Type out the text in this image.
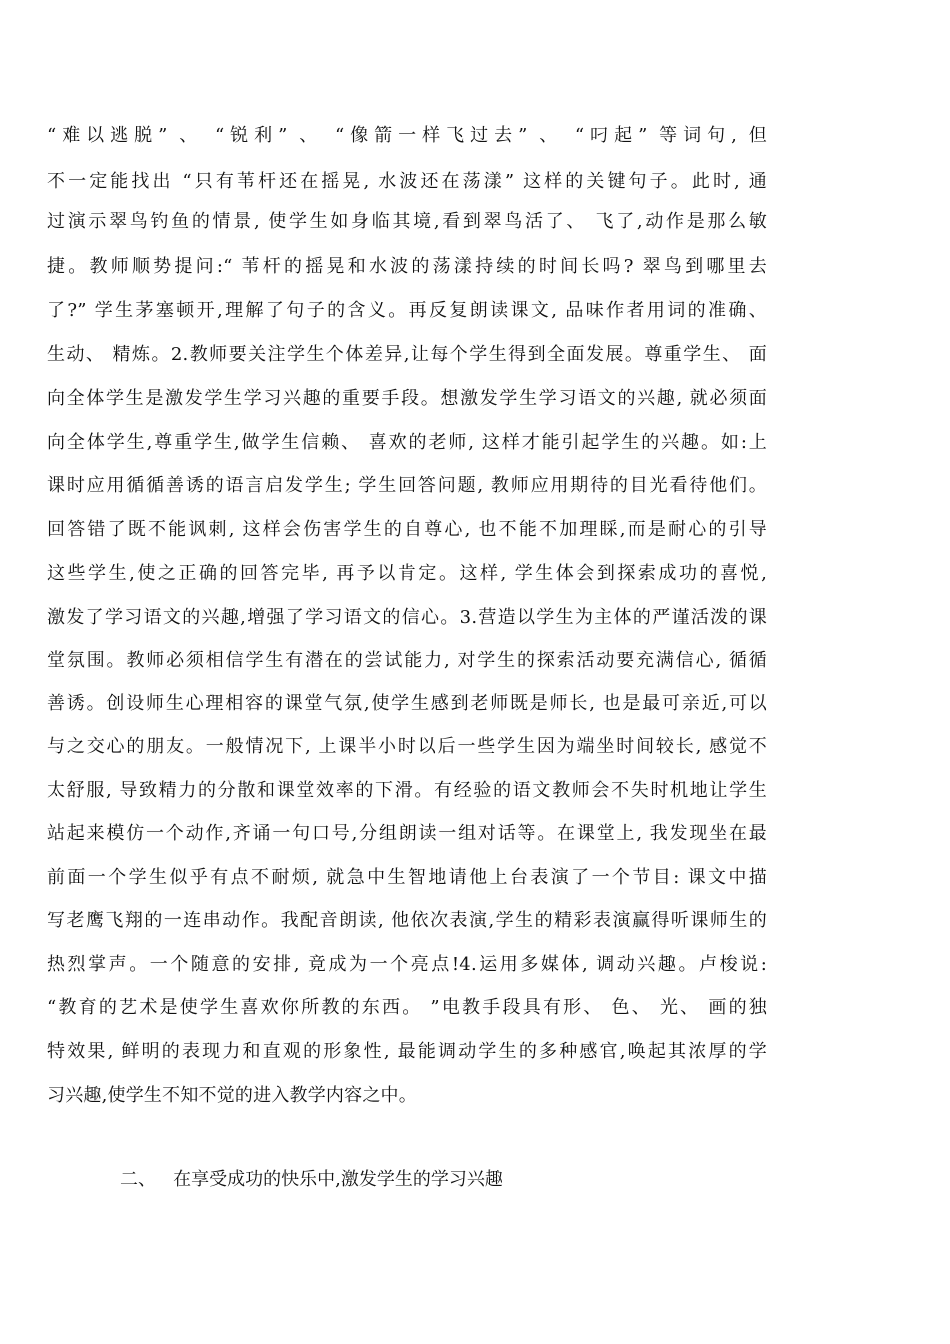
“难以逃脱” 、 “锐利” 、 “像箭一样飞过去” 、 “叼起” 等词句, 但
不一定能找出 “只有苇杆还在摇晃, 水波还在荡漾” 这样的关键句子。此时, 通
过演示翠鸟钓鱼的情景, 使学生如身临其境,看到翠鸟活了、 飞了,动作是那么敏
捷。教师顺势提问:“ 苇杆的摇晃和水波的荡漾持续的时间长吗? 翠鸟到哪里去
了?” 学生茅塞顿开,理解了句子的含义。再反复朗读课文, 品味作者用词的准确、
生动、 精炼。2.教师要关注学生个体差异,让每个学生得到全面发展。尊重学生、 面
向全体学生是激发学生学习兴趣的重要手段。想激发学生学习语文的兴趣, 就必须面
向全体学生,尊重学生,做学生信赖、 喜欢的老师, 这样才能引起学生的兴趣。如:上
课时应用循循善诱的语言启发学生; 学生回答问题, 教师应用期待的目光看待他们。
回答错了既不能讽刺, 这样会伤害学生的自尊心, 也不能不加理睬,而是耐心的引导
这些学生,使之正确的回答完毕, 再予以肯定。这样, 学生体会到探索成功的喜悦,
激发了学习语文的兴趣,增强了学习语文的信心。3.营造以学生为主体的严谨活泼的课
堂氛围。教师必须相信学生有潜在的尝试能力, 对学生的探索活动要充满信心, 循循
善诱。创设师生心理相容的课堂气氛,使学生感到老师既是师长, 也是最可亲近,可以
与之交心的朋友。一般情况下, 上课半小时以后一些学生因为端坐时间较长, 感觉不
太舒服, 导致精力的分散和课堂效率的下滑。有经验的语文教师会不失时机地让学生
站起来模仿一个动作,齐诵一句口号,分组朗读一组对话等。在课堂上, 我发现坐在最
前面一个学生似乎有点不耐烦, 就急中生智地请他上台表演了一个节目: 课文中描
写老鹰飞翔的一连串动作。我配音朗读, 他依次表演,学生的精彩表演赢得听课师生的
热烈掌声。一个随意的安排, 竟成为一个亮点!4.运用多媒体, 调动兴趣。卢梭说:
“教育的艺术是使学生喜欢你所教的东西。 ”电教手段具有形、 色、 光、 画的独
特效果, 鲜明的表现力和直观的形象性, 最能调动学生的多种感官,唤起其浓厚的学
习兴趣,使学生不知不觉的进入教学内容之中。
二、   在享受成功的快乐中,激发学生的学习兴趣
